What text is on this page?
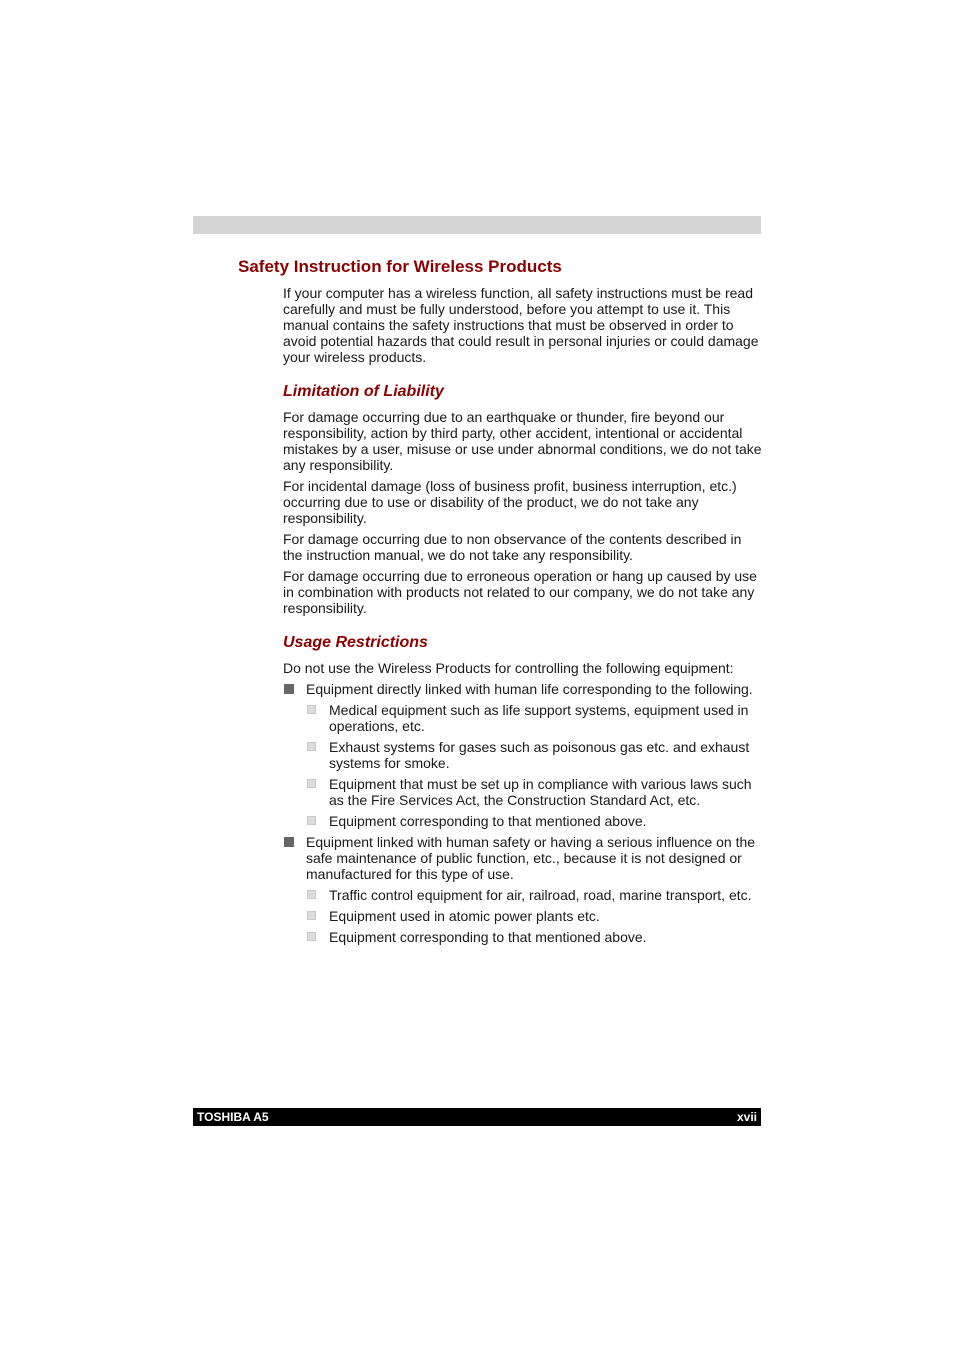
Safety Instruction for Wireless Products

If your computer has a wireless function, all safety instructions must be read carefully and must be fully understood, before you attempt to use it. This manual contains the safety instructions that must be observed in order to avoid potential hazards that could result in personal injuries or could damage your wireless products.

Limitation of Liability

For damage occurring due to an earthquake or thunder, fire beyond our responsibility, action by third party, other accident, intentional or accidental mistakes by a user, misuse or use under abnormal conditions, we do not take any responsibility.

For incidental damage (loss of business profit, business interruption, etc.) occurring due to use or disability of the product, we do not take any responsibility.

For damage occurring due to non observance of the contents described in the instruction manual, we do not take any responsibility.

For damage occurring due to erroneous operation or hang up caused by use in combination with products not related to our company, we do not take any responsibility.

Usage Restrictions

Do not use the Wireless Products for controlling the following equipment:

Equipment directly linked with human life corresponding to the following.
Medical equipment such as life support systems, equipment used in operations, etc.
Exhaust systems for gases such as poisonous gas etc. and exhaust systems for smoke.
Equipment that must be set up in compliance with various laws such as the Fire Services Act, the Construction Standard Act, etc.
Equipment corresponding to that mentioned above.
Equipment linked with human safety or having a serious influence on the safe maintenance of public function, etc., because it is not designed or manufactured for this type of use.
Traffic control equipment for air, railroad, road, marine transport, etc.
Equipment used in atomic power plants etc.
Equipment corresponding to that mentioned above.
TOSHIBA A5	xvii
